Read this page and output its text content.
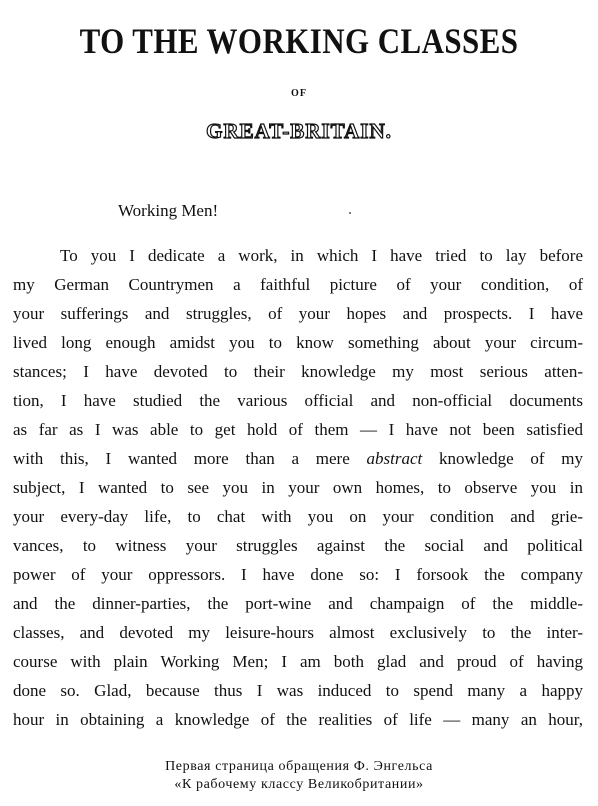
TO THE WORKING CLASSES
OF
GREAT-BRITAIN.
Working Men!
To you I dedicate a work, in which I have tried to lay before
my German Countrymen a faithful picture of your condition, of
your sufferings and struggles, of your hopes and prospects. I have
lived long enough amidst you to know something about your circum-
stances; I have devoted to their knowledge my most serious atten-
tion, I have studied the various official and non-official documents
as far as I was able to get hold of them — I have not been satisfied
with this, I wanted more than a mere abstract knowledge of my
subject, I wanted to see you in your own homes, to observe you in
your every-day life, to chat with you on your condition and grie-
vances, to witness your struggles against the social and political
power of your oppressors. I have done so: I forsook the company
and the dinner-parties, the port-wine and champaign of the middle-
classes, and devoted my leisure-hours almost exclusively to the inter-
course with plain Working Men; I am both glad and proud of having
done so. Glad, because thus I was induced to spend many a happy
hour in obtaining a knowledge of the realities of life — many an hour,
Первая страница обращения Ф. Энгельса
«К рабочему классу Великобритании»
